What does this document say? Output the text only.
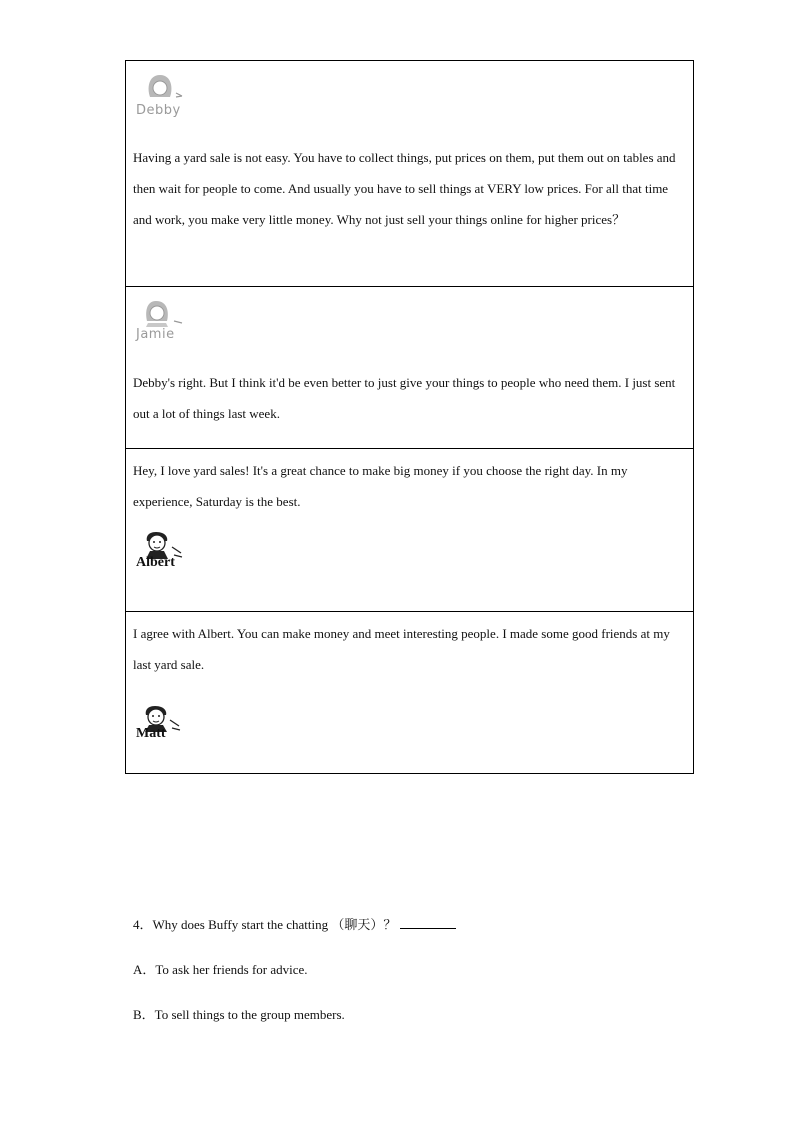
Debby

Having a yard sale is not easy. You have to collect things, put prices on them, put them out on tables and then wait for people to come. And usually you have to sell things at VERY low prices. For all that time and work, you make very little money. Why not just sell your things online for higher prices？

Jamie

Debby's right. But I think it'd be even better to just give your things to people who need them. I just sent out a lot of things last week.

Hey, I love yard sales! It's a great chance to make big money if you choose the right day. In my experience, Saturday is the best.

Albert

I agree with Albert. You can make money and meet interesting people. I made some good friends at my last yard sale.

Matt
4．Why does Buffy start the chatting （聊天）？
A．To ask her friends for advice.
B．To sell things to the group members.
